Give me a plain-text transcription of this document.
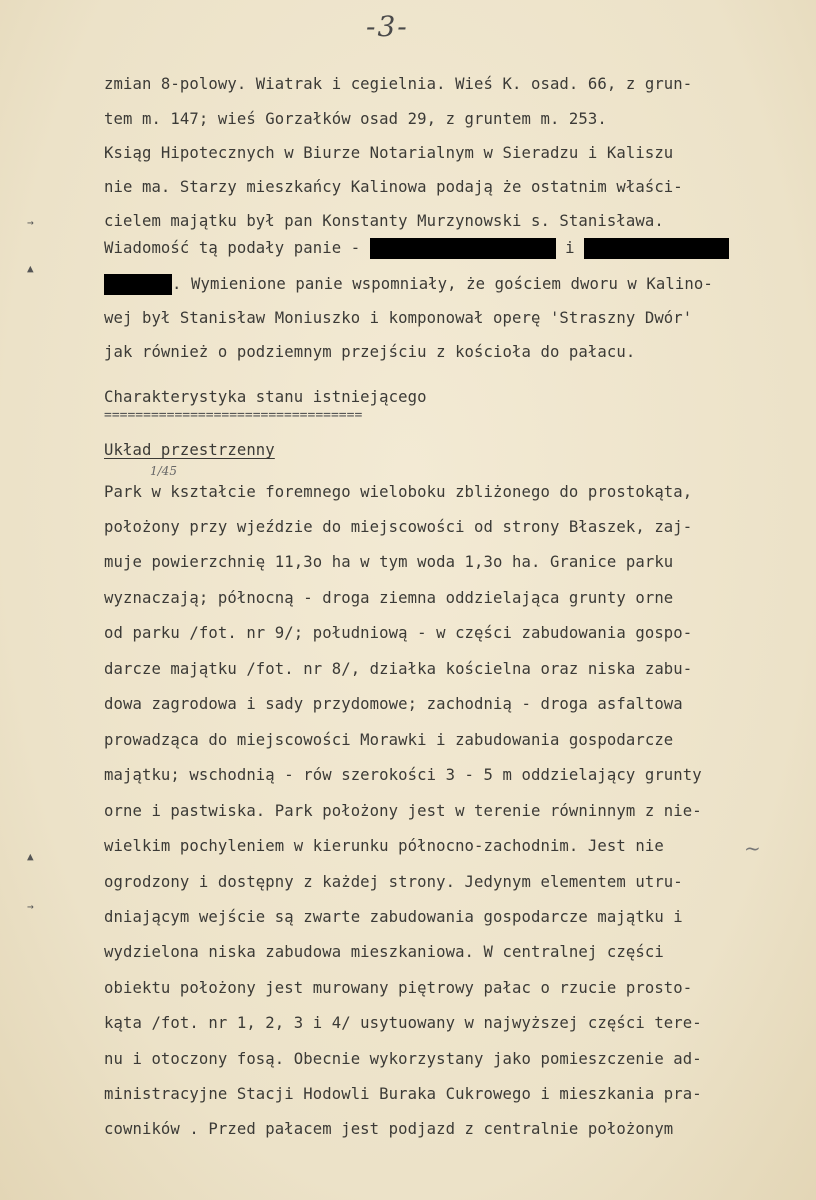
-3-
→
▲
▲
→
zmian 8-polowy. Wiatrak i cegielnia. Wieś K. osad. 66, z grun-
tem m. 147; wieś Gorzałków osad 29, z gruntem m. 253.
Ksiąg Hipotecznych w Biurze Notarialnym w Sieradzu i Kaliszu
nie ma. Starzy mieszkańcy Kalinowa podają że ostatnim właści-
cielem majątku był pan Konstanty Murzynowski s. Stanisława.
Wiadomość tą podały panie -	i
. Wymienione panie wspomniały, że gościem dworu w Kalino-
wej był Stanisław Moniuszko i komponował operę 'Straszny Dwór'
jak również o podziemnym przejściu z kościoła do pałacu.
Charakterystyka stanu istniejącego
=================================
Układ przestrzenny
1/45
Park w kształcie foremnego wieloboku zbliżonego do prostokąta,
położony przy wjeździe do miejscowości od strony Błaszek, zaj-
muje powierzchnię 11,3o ha w tym woda 1,3o ha. Granice parku
wyznaczają; północną - droga ziemna oddzielająca grunty orne
od parku /fot. nr 9/; południową - w części zabudowania gospo-
darcze majątku /fot. nr 8/, działka kościelna oraz niska zabu-
dowa zagrodowa i sady przydomowe; zachodnią - droga asfaltowa
prowadząca do miejscowości Morawki i zabudowania gospodarcze
majątku; wschodnią - rów szerokości 3 - 5 m oddzielający grunty
orne i pastwiska. Park położony jest w terenie równinnym z nie-
wielkim pochyleniem w kierunku północno-zachodnim. Jest nie	~
ogrodzony i dostępny z każdej strony. Jedynym elementem utru-
dniającym wejście są zwarte zabudowania gospodarcze majątku i
wydzielona niska zabudowa mieszkaniowa. W centralnej części
obiektu położony jest murowany piętrowy pałac o rzucie prosto-
kąta /fot. nr 1, 2, 3 i 4/ usytuowany w najwyższej części tere-
nu i otoczony fosą. Obecnie wykorzystany jako pomieszczenie ad-
ministracyjne Stacji Hodowli Buraka Cukrowego i mieszkania pra-
cowników . Przed pałacem jest podjazd z centralnie położonym
